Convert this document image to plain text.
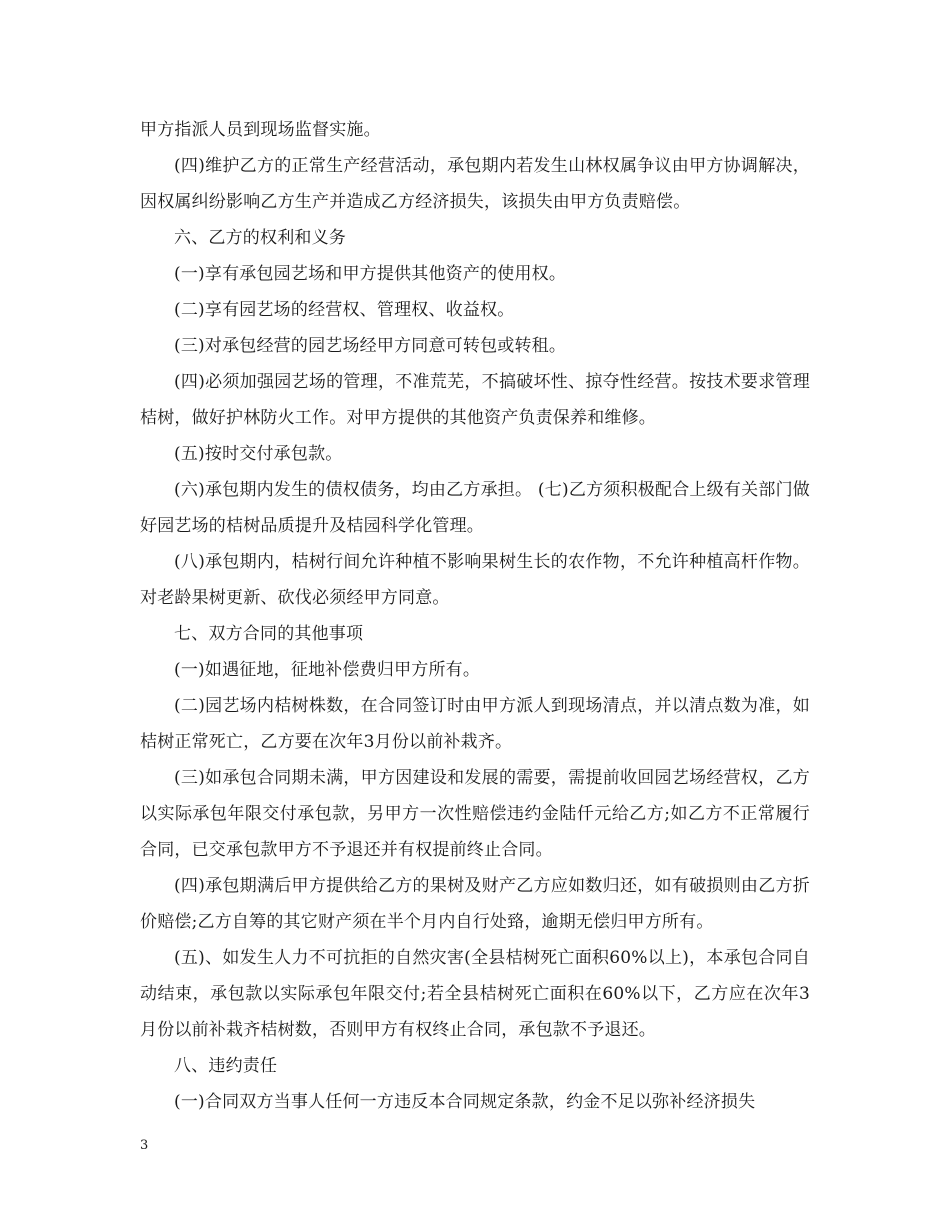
甲方指派人员到现场监督实施。

(四)维护乙方的正常生产经营活动，承包期内若发生山林权属争议由甲方协调解决，因权属纠纷影响乙方生产并造成乙方经济损失，该损失由甲方负责赔偿。

六、乙方的权利和义务

(一)享有承包园艺场和甲方提供其他资产的使用权。

(二)享有园艺场的经营权、管理权、收益权。

(三)对承包经营的园艺场经甲方同意可转包或转租。

(四)必须加强园艺场的管理，不准荒芜，不搞破坏性、掠夺性经营。按技术要求管理桔树，做好护林防火工作。对甲方提供的其他资产负责保养和维修。

(五)按时交付承包款。

(六)承包期内发生的债权债务，均由乙方承担。 (七)乙方须积极配合上级有关部门做好园艺场的桔树品质提升及桔园科学化管理。

(八)承包期内，桔树行间允许种植不影响果树生长的农作物，不允许种植高杆作物。对老龄果树更新、砍伐必须经甲方同意。

七、双方合同的其他事项

(一)如遇征地，征地补偿费归甲方所有。

(二)园艺场内桔树株数，在合同签订时由甲方派人到现场清点，并以清点数为准，如桔树正常死亡，乙方要在次年3月份以前补栽齐。

(三)如承包合同期未满，甲方因建设和发展的需要，需提前收回园艺场经营权，乙方以实际承包年限交付承包款，另甲方一次性赔偿违约金陆仟元给乙方;如乙方不正常履行合同，已交承包款甲方不予退还并有权提前终止合同。

(四)承包期满后甲方提供给乙方的果树及财产乙方应如数归还，如有破损则由乙方折价赔偿;乙方自筹的其它财产须在半个月内自行处臵，逾期无偿归甲方所有。

(五)、如发生人力不可抗拒的自然灾害(全县桔树死亡面积60%以上)，本承包合同自动结束，承包款以实际承包年限交付;若全县桔树死亡面积在60%以下，乙方应在次年3月份以前补栽齐桔树数，否则甲方有权终止合同，承包款不予退还。

八、违约责任

(一)合同双方当事人任何一方违反本合同规定条款，约金不足以弥补经济损失

3
